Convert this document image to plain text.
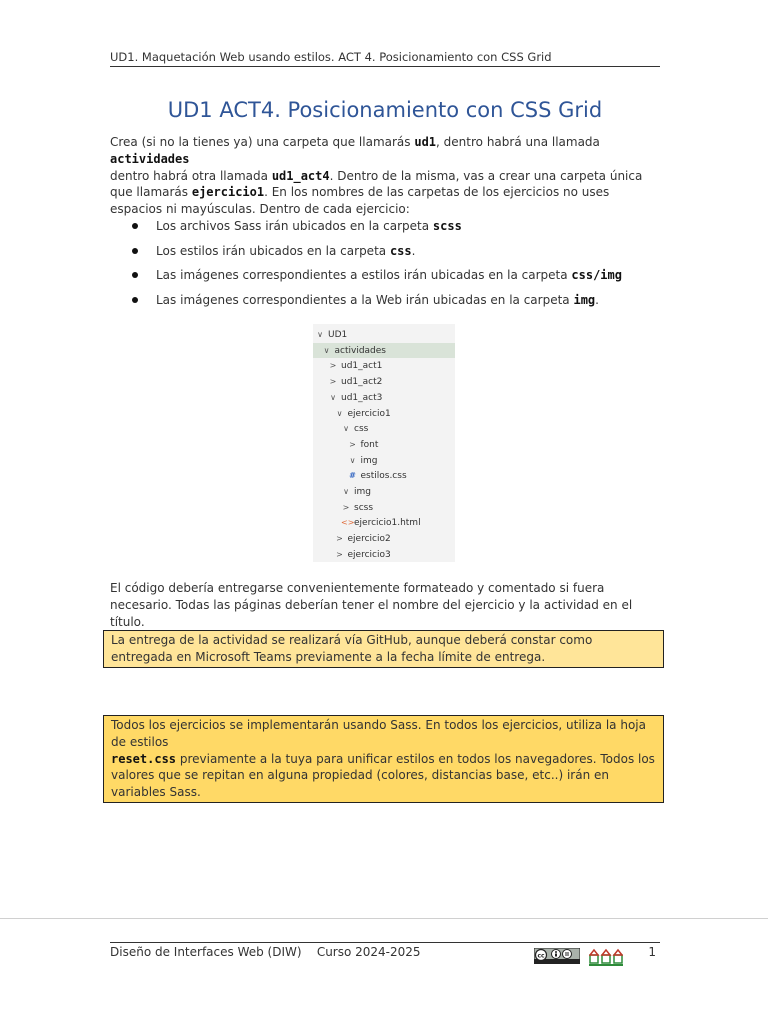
UD1. Maquetación Web usando estilos. ACT 4. Posicionamiento con CSS Grid
UD1 ACT4. Posicionamiento con CSS Grid
Crea (si no la tienes ya) una carpeta que llamarás ud1, dentro habrá una llamada actividades
dentro habrá otra llamada ud1_act4. Dentro de la misma, vas a crear una carpeta única que llamarás ejercicio1. En los nombres de las carpetas de los ejercicios no uses espacios ni mayúsculas. Dentro de cada ejercicio:
Los archivos Sass irán ubicados en la carpeta scss
Los estilos irán ubicados en la carpeta css.
Las imágenes correspondientes a estilos irán ubicadas en la carpeta css/img
Las imágenes correspondientes a la Web irán ubicadas en la carpeta img.
∨ UD1
∨ actividades
> ud1_act1
> ud1_act2
∨ ud1_act3
∨ ejercicio1
∨ css
> font
∨ img
# estilos.css
∨ img
> scss
<>ejercicio1.html
> ejercicio2
> ejercicio3
El código debería entregarse convenientemente formateado y comentado si fuera necesario. Todas las páginas deberían tener el nombre del ejercicio y la actividad en el título.
La entrega de la actividad se realizará vía GitHub, aunque deberá constar como entregada en Microsoft Teams previamente a la fecha límite de entrega.
Todos los ejercicios se implementarán usando Sass. En todos los ejercicios, utiliza la hoja de estilos
reset.css previamente a la tuya para unificar estilos en todos los navegadores. Todos los valores que se repitan en alguna propiedad (colores, distancias base, etc..) irán en variables Sass.
Diseño de Interfaces Web (DIW)    Curso 2024-2025	cc	1
